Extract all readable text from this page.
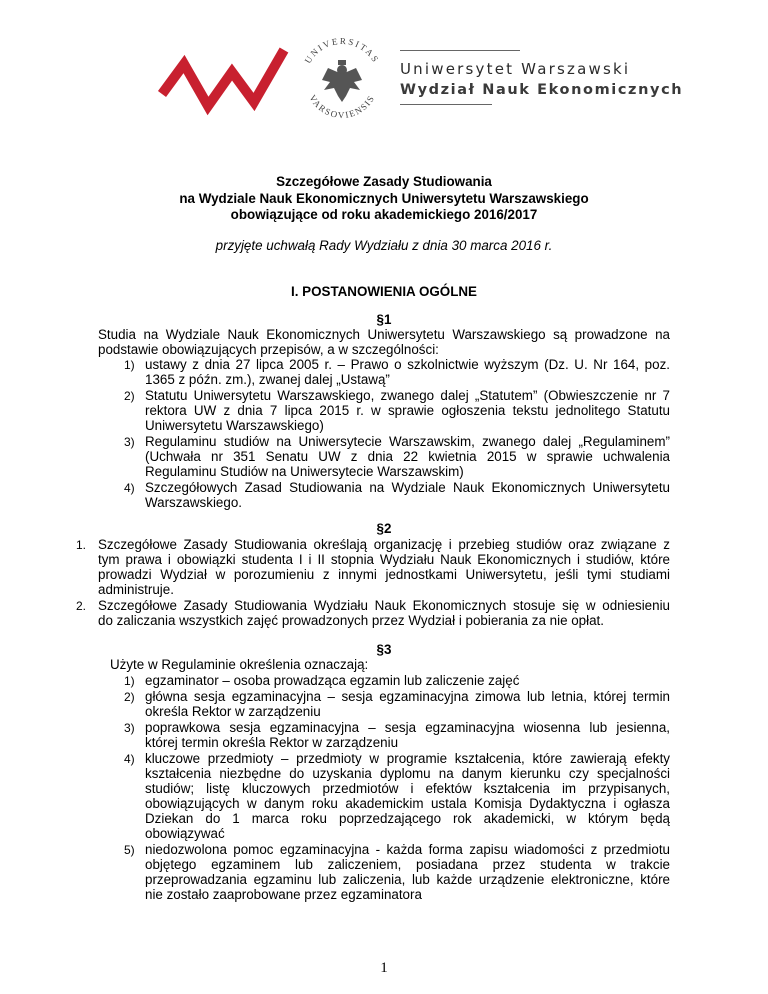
UNIVERSITAS
VARSOVIENSIS
Uniwersytet Warszawski
Wydział Nauk Ekonomicznych
Szczegółowe Zasady Studiowania
na Wydziale Nauk Ekonomicznych Uniwersytetu Warszawskiego
obowiązujące od roku akademickiego 2016/2017
przyjęte uchwałą Rady Wydziału z dnia 30 marca 2016 r.
I. POSTANOWIENIA OGÓLNE
§1
Studia na Wydziale Nauk Ekonomicznych Uniwersytetu Warszawskiego są prowadzone na
podstawie obowiązujących przepisów, a w szczególności:
1) ustawy z dnia 27 lipca 2005 r. – Prawo o szkolnictwie wyższym (Dz. U. Nr 164, poz.
1365 z późn. zm.), zwanej dalej „Ustawą”
2) Statutu Uniwersytetu Warszawskiego, zwanego dalej „Statutem” (Obwieszczenie nr 7
rektora UW z dnia 7 lipca 2015 r. w sprawie ogłoszenia tekstu jednolitego Statutu
Uniwersytetu Warszawskiego)
3) Regulaminu studiów na Uniwersytecie Warszawskim, zwanego dalej „Regulaminem”
(Uchwała nr 351 Senatu UW z dnia 22 kwietnia 2015 w sprawie uchwalenia
Regulaminu Studiów na Uniwersytecie Warszawskim)
4) Szczegółowych Zasad Studiowania na Wydziale Nauk Ekonomicznych Uniwersytetu
Warszawskiego.
§2
1. Szczegółowe Zasady Studiowania określają organizację i przebieg studiów oraz związane z
tym prawa i obowiązki studenta I i II stopnia Wydziału Nauk Ekonomicznych i studiów, które
prowadzi Wydział w porozumieniu z innymi jednostkami Uniwersytetu, jeśli tymi studiami
administruje.
2. Szczegółowe Zasady Studiowania Wydziału Nauk Ekonomicznych stosuje się w odniesieniu
do zaliczania wszystkich zajęć prowadzonych przez Wydział i pobierania za nie opłat.
§3
Użyte w Regulaminie określenia oznaczają:
1) egzaminator – osoba prowadząca egzamin lub zaliczenie zajęć
2) główna sesja egzaminacyjna – sesja egzaminacyjna zimowa lub letnia, której termin
określa Rektor w zarządzeniu
3) poprawkowa sesja egzaminacyjna – sesja egzaminacyjna wiosenna lub jesienna,
której termin określa Rektor w zarządzeniu
4) kluczowe przedmioty – przedmioty w programie kształcenia, które zawierają efekty
kształcenia niezbędne do uzyskania dyplomu na danym kierunku czy specjalności
studiów; listę kluczowych przedmiotów i efektów kształcenia im przypisanych,
obowiązujących w danym roku akademickim ustala Komisja Dydaktyczna i ogłasza
Dziekan do 1 marca roku poprzedzającego rok akademicki, w którym będą
obowiązywać
5) niedozwolona pomoc egzaminacyjna - każda forma zapisu wiadomości z przedmiotu
objętego egzaminem lub zaliczeniem, posiadana przez studenta w trakcie
przeprowadzania egzaminu lub zaliczenia, lub każde urządzenie elektroniczne, które
nie zostało zaaprobowane przez egzaminatora
1
